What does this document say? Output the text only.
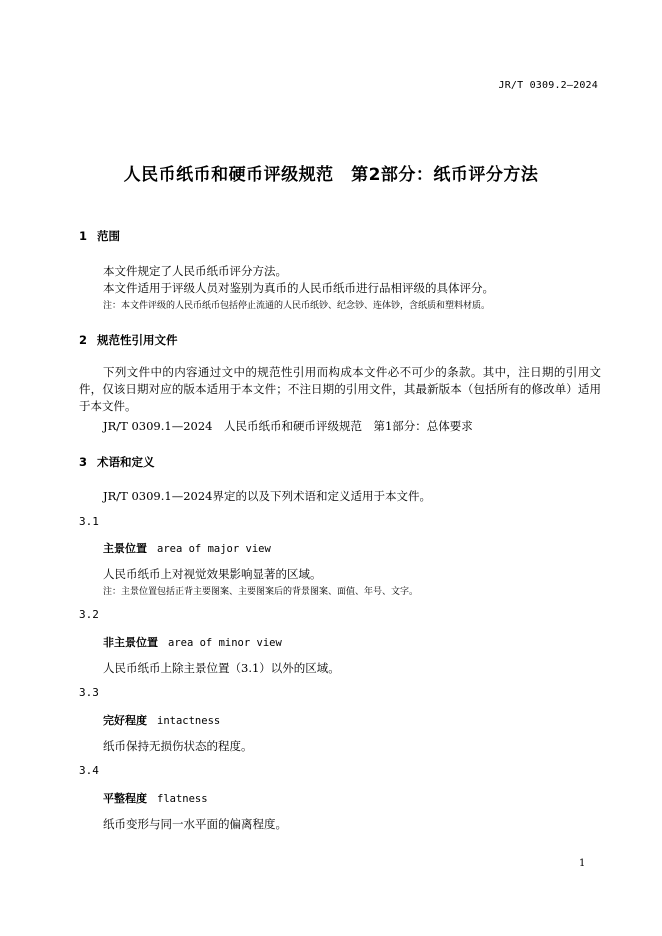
JR/T 0309.2—2024
人民币纸币和硬币评级规范　第2部分：纸币评分方法
1 范围
本文件规定了人民币纸币评分方法。
本文件适用于评级人员对鉴别为真币的人民币纸币进行品相评级的具体评分。
注：本文件评级的人民币纸币包括停止流通的人民币纸钞、纪念钞、连体钞，含纸质和塑料材质。
2 规范性引用文件
下列文件中的内容通过文中的规范性引用而构成本文件必不可少的条款。其中，注日期的引用文件，仅该日期对应的版本适用于本文件；不注日期的引用文件，其最新版本（包括所有的修改单）适用于本文件。
JR/T 0309.1—2024　人民币纸币和硬币评级规范　第1部分：总体要求
3 术语和定义
JR/T 0309.1—2024界定的以及下列术语和定义适用于本文件。
3.1
主景位置 area of major view
人民币纸币上对视觉效果影响显著的区域。
注：主景位置包括正背主要图案、主要图案后的背景图案、面值、年号、文字。
3.2
非主景位置 area of minor view
人民币纸币上除主景位置（3.1）以外的区域。
3.3
完好程度 intactness
纸币保持无损伤状态的程度。
3.4
平整程度 flatness
纸币变形与同一水平面的偏离程度。
1
